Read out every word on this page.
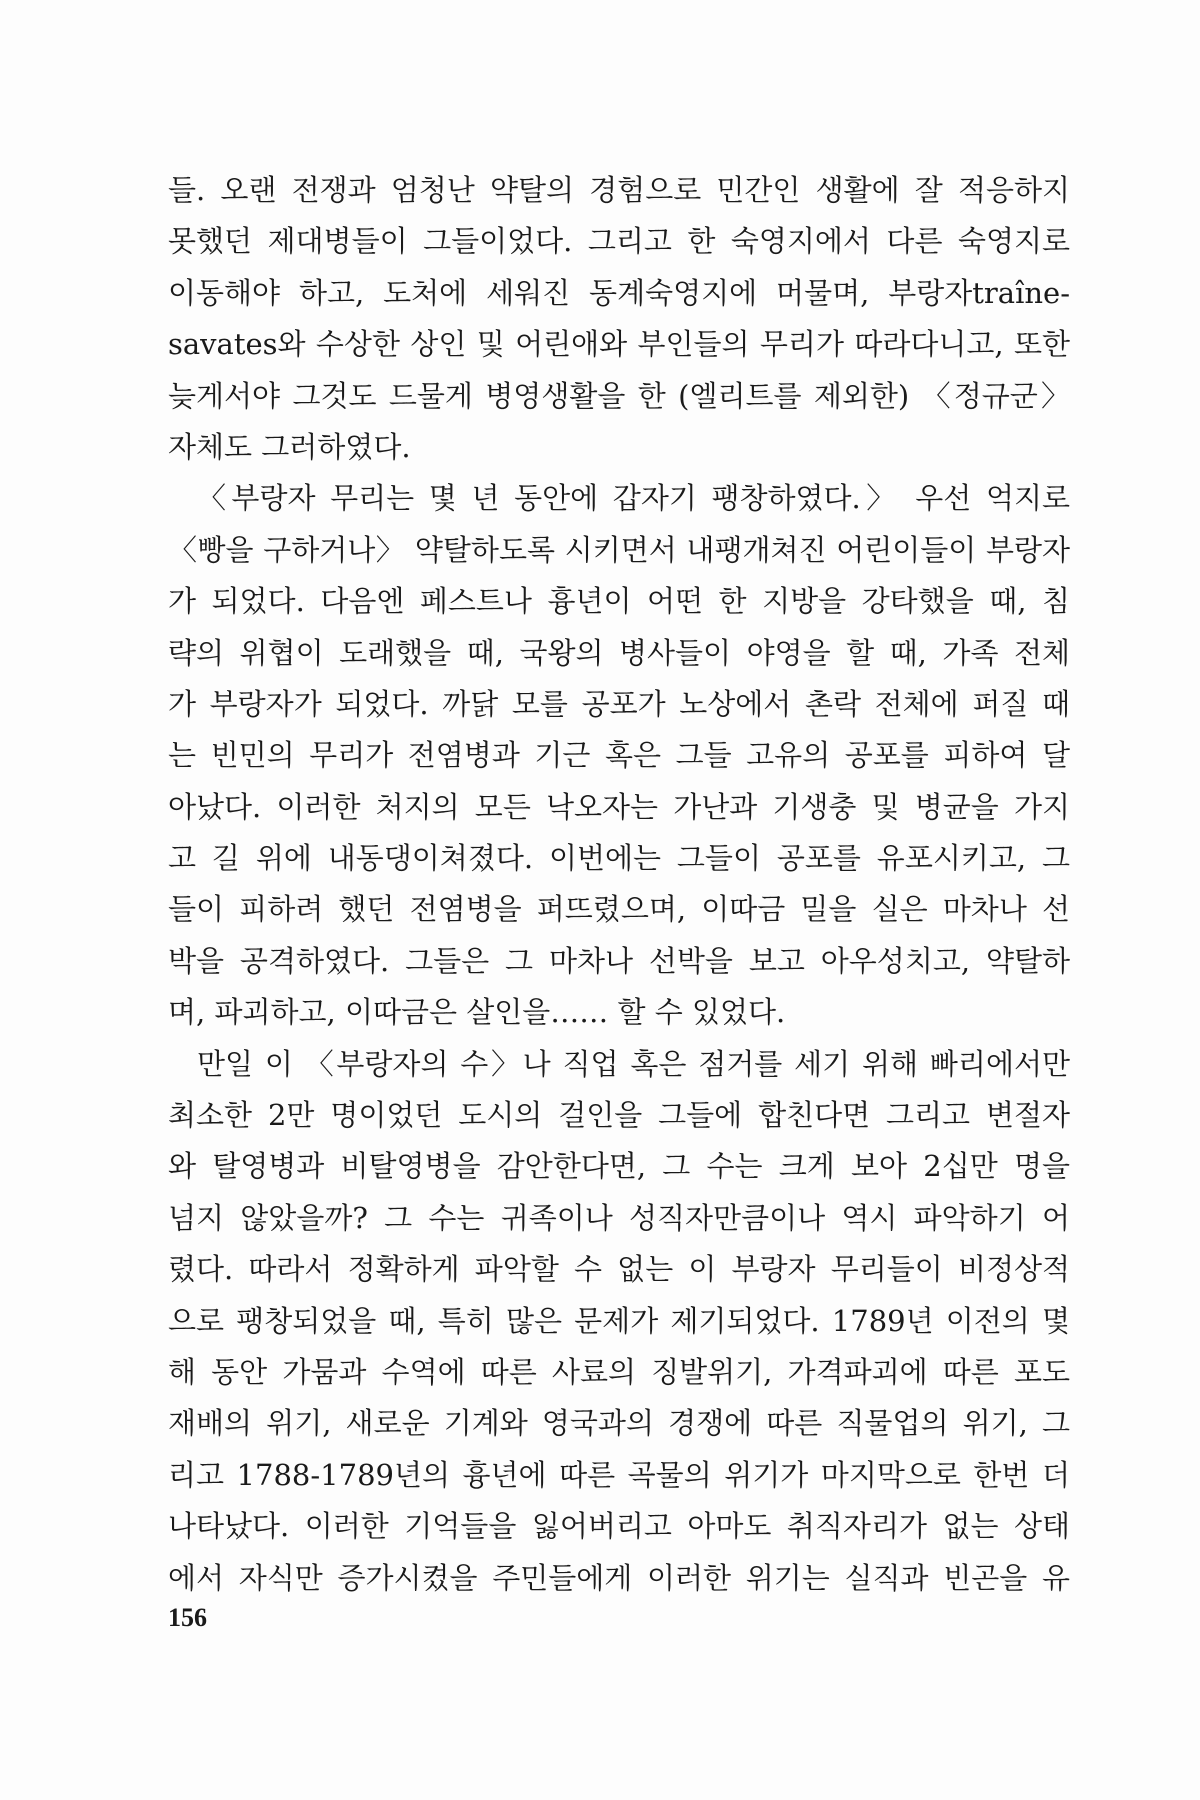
들. 오랜 전쟁과 엄청난 약탈의 경험으로 민간인 생활에 잘 적응하지
못했던 제대병들이 그들이었다. 그리고 한 숙영지에서 다른 숙영지로
이동해야 하고, 도처에 세워진 동계숙영지에 머물며, 부랑자traîne-
savates와 수상한 상인 및 어린애와 부인들의 무리가 따라다니고, 또한
늦게서야 그것도 드물게 병영생활을 한 (엘리트를 제외한) 〈정규군〉
자체도 그러하였다.
〈부랑자 무리는 몇 년 동안에 갑자기 팽창하였다.〉 우선 억지로
〈빵을 구하거나〉 약탈하도록 시키면서 내팽개쳐진 어린이들이 부랑자
가 되었다. 다음엔 페스트나 흉년이 어떤 한 지방을 강타했을 때, 침
략의 위협이 도래했을 때, 국왕의 병사들이 야영을 할 때, 가족 전체
가 부랑자가 되었다. 까닭 모를 공포가 노상에서 촌락 전체에 퍼질 때
는 빈민의 무리가 전염병과 기근 혹은 그들 고유의 공포를 피하여 달
아났다. 이러한 처지의 모든 낙오자는 가난과 기생충 및 병균을 가지
고 길 위에 내동댕이쳐졌다. 이번에는 그들이 공포를 유포시키고, 그
들이 피하려 했던 전염병을 퍼뜨렸으며, 이따금 밀을 실은 마차나 선
박을 공격하였다. 그들은 그 마차나 선박을 보고 아우성치고, 약탈하
며, 파괴하고, 이따금은 살인을…… 할 수 있었다.
만일 이 〈부랑자의 수〉나 직업 혹은 점거를 세기 위해 빠리에서만
최소한 2만 명이었던 도시의 걸인을 그들에 합친다면 그리고 변절자
와 탈영병과 비탈영병을 감안한다면, 그 수는 크게 보아 2십만 명을
넘지 않았을까? 그 수는 귀족이나 성직자만큼이나 역시 파악하기 어
렸다. 따라서 정확하게 파악할 수 없는 이 부랑자 무리들이 비정상적
으로 팽창되었을 때, 특히 많은 문제가 제기되었다. 1789년 이전의 몇
해 동안 가뭄과 수역에 따른 사료의 징발위기, 가격파괴에 따른 포도
재배의 위기, 새로운 기계와 영국과의 경쟁에 따른 직물업의 위기, 그
리고 1788-1789년의 흉년에 따른 곡물의 위기가 마지막으로 한번 더
나타났다. 이러한 기억들을 잃어버리고 아마도 취직자리가 없는 상태
에서 자식만 증가시켰을 주민들에게 이러한 위기는 실직과 빈곤을 유
156
